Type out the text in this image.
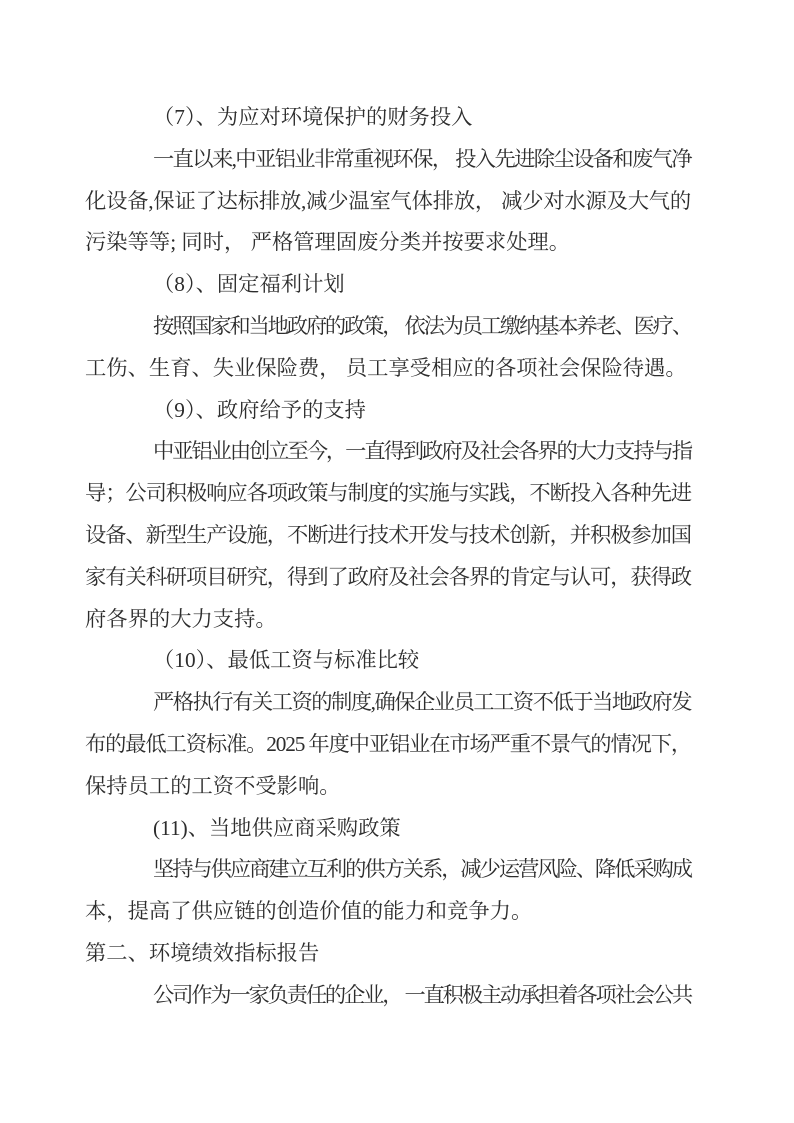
（7）、为应对环境保护的财务投入
一直以来,中亚铝业非常重视环保， 投入先进除尘设备和废气净
化设备,保证了达标排放,减少温室气体排放， 减少对水源及大气的
污染等等; 同时， 严格管理固废分类并按要求处理。
（8）、固定福利计划
按照国家和当地政府的政策， 依法为员工缴纳基本养老、医疗、
工伤、生育、失业保险费， 员工享受相应的各项社会保险待遇。
（9）、政府给予的支持
中亚铝业由创立至今，一直得到政府及社会各界的大力支持与指
导；公司积极响应各项政策与制度的实施与实践，不断投入各种先进
设备、新型生产设施，不断进行技术开发与技术创新，并积极参加国
家有关科研项目研究，得到了政府及社会各界的肯定与认可，获得政
府各界的大力支持。
（10）、最低工资与标准比较
严格执行有关工资的制度,确保企业员工工资不低于当地政府发
布的最低工资标准。2025 年度中亚铝业在市场严重不景气的情况下，
保持员工的工资不受影响。
(11)、当地供应商采购政策
坚持与供应商建立互利的供方关系，减少运营风险、降低采购成
本，提高了供应链的创造价值的能力和竞争力。
第二、环境绩效指标报告
公司作为一家负责任的企业， 一直积极主动承担着各项社会公共
